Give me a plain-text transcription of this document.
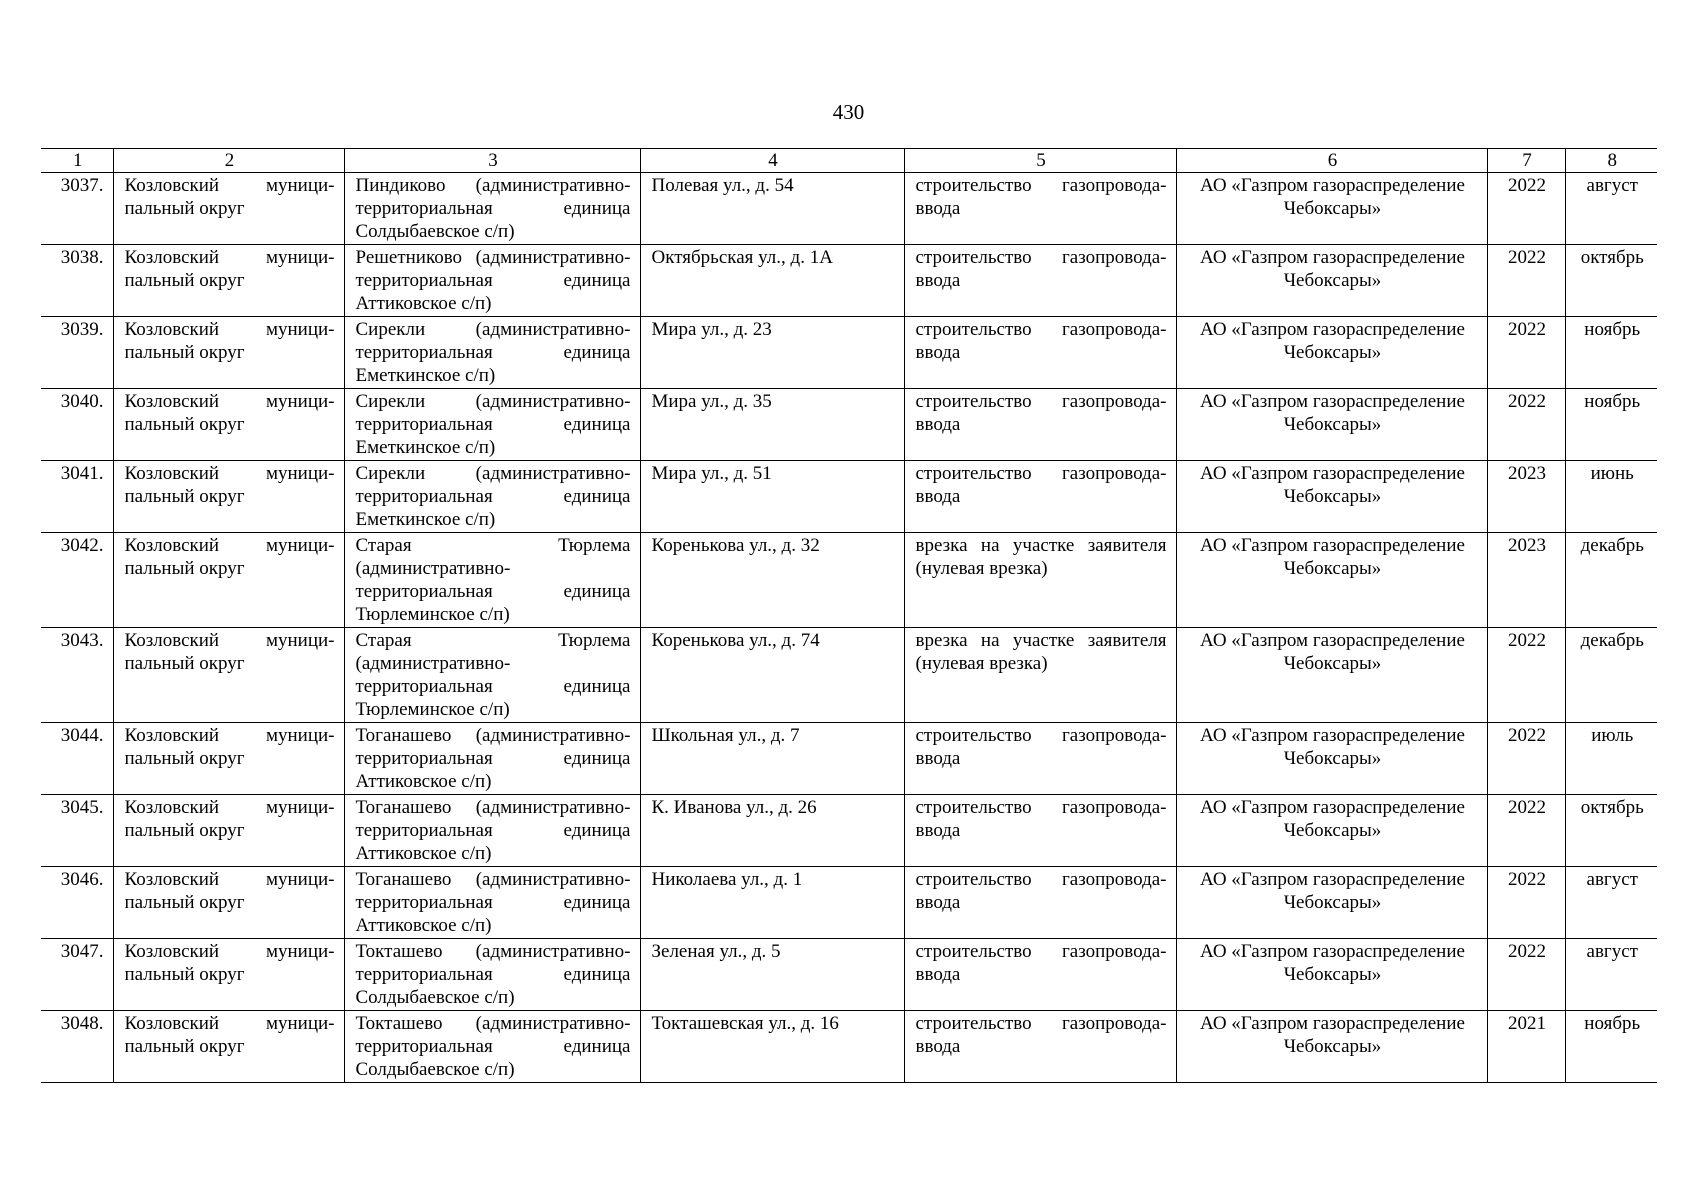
430
1	2	3	4	5	6	7	8
3037.	Козловский муници-пальный округ	Пиндиково (административно-территориальная единица Солдыбаевское с/п)	Полевая ул., д. 54	строительство газопровода-ввода	АО «Газпром газораспределение Чебоксары»	2022	август
3038.	Козловский муници-пальный округ	Решетниково (административно-территориальная единица Аттиковское с/п)	Октябрьская ул., д. 1А	строительство газопровода-ввода	АО «Газпром газораспределение Чебоксары»	2022	октябрь
3039.	Козловский муници-пальный округ	Сирекли (административно-территориальная единица Еметкинское с/п)	Мира ул., д. 23	строительство газопровода-ввода	АО «Газпром газораспределение Чебоксары»	2022	ноябрь
3040.	Козловский муници-пальный округ	Сирекли (административно-территориальная единица Еметкинское с/п)	Мира ул., д. 35	строительство газопровода-ввода	АО «Газпром газораспределение Чебоксары»	2022	ноябрь
3041.	Козловский муници-пальный округ	Сирекли (административно-территориальная единица Еметкинское с/п)	Мира ул., д. 51	строительство газопровода-ввода	АО «Газпром газораспределение Чебоксары»	2023	июнь
3042.	Козловский муници-пальный округ	Старая Тюрлема (административно-территориальная единица Тюрлеминское с/п)	Коренькова ул., д. 32	врезка на участке заявителя (нулевая врезка)	АО «Газпром газораспределение Чебоксары»	2023	декабрь
3043.	Козловский муници-пальный округ	Старая Тюрлема (административно-территориальная единица Тюрлеминское с/п)	Коренькова ул., д. 74	врезка на участке заявителя (нулевая врезка)	АО «Газпром газораспределение Чебоксары»	2022	декабрь
3044.	Козловский муници-пальный округ	Тоганашево (административно-территориальная единица Аттиковское с/п)	Школьная ул., д. 7	строительство газопровода-ввода	АО «Газпром газораспределение Чебоксары»	2022	июль
3045.	Козловский муници-пальный округ	Тоганашево (административно-территориальная единица Аттиковское с/п)	К. Иванова ул., д. 26	строительство газопровода-ввода	АО «Газпром газораспределение Чебоксары»	2022	октябрь
3046.	Козловский муници-пальный округ	Тоганашево (административно-территориальная единица Аттиковское с/п)	Николаева ул., д. 1	строительство газопровода-ввода	АО «Газпром газораспределение Чебоксары»	2022	август
3047.	Козловский муници-пальный округ	Токташево (административно-территориальная единица Солдыбаевское с/п)	Зеленая ул., д. 5	строительство газопровода-ввода	АО «Газпром газораспределение Чебоксары»	2022	август
3048.	Козловский муници-пальный округ	Токташево (административно-территориальная единица Солдыбаевское с/п)	Токташевская ул., д. 16	строительство газопровода-ввода	АО «Газпром газораспределение Чебоксары»	2021	ноябрь
